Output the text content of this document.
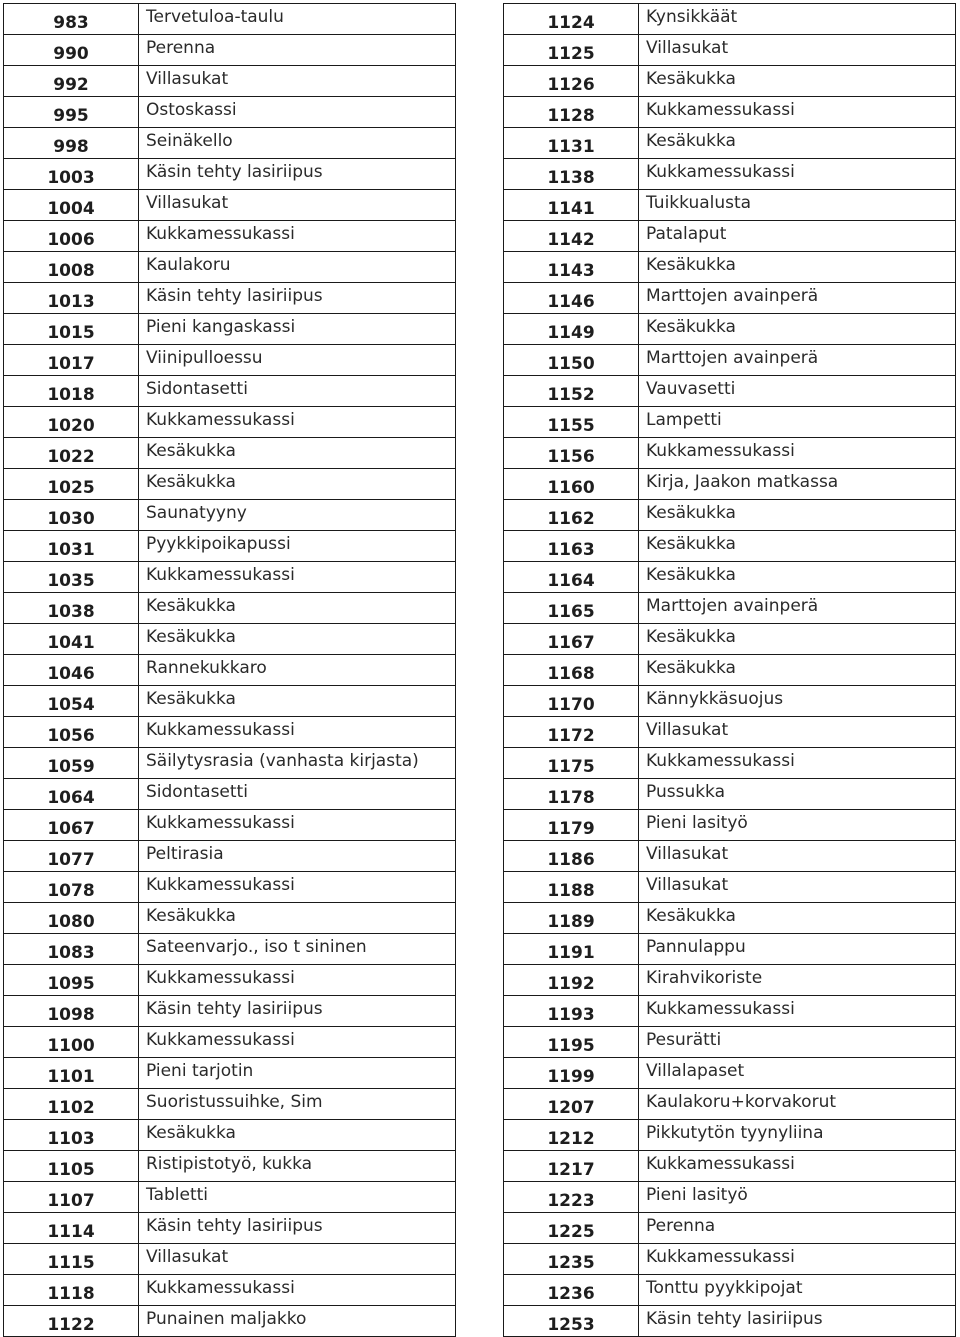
983	Tervetuloa-taulu
990	Perenna
992	Villasukat
995	Ostoskassi
998	Seinäkello
1003	Käsin tehty lasiriipus
1004	Villasukat
1006	Kukkamessukassi
1008	Kaulakoru
1013	Käsin tehty lasiriipus
1015	Pieni kangaskassi
1017	Viinipulloessu
1018	Sidontasetti
1020	Kukkamessukassi
1022	Kesäkukka
1025	Kesäkukka
1030	Saunatyyny
1031	Pyykkipoikapussi
1035	Kukkamessukassi
1038	Kesäkukka
1041	Kesäkukka
1046	Rannekukkaro
1054	Kesäkukka
1056	Kukkamessukassi
1059	Säilytysrasia (vanhasta kirjasta)
1064	Sidontasetti
1067	Kukkamessukassi
1077	Peltirasia
1078	Kukkamessukassi
1080	Kesäkukka
1083	Sateenvarjo., iso t sininen
1095	Kukkamessukassi
1098	Käsin tehty lasiriipus
1100	Kukkamessukassi
1101	Pieni tarjotin
1102	Suoristussuihke, Sim
1103	Kesäkukka
1105	Ristipistotyö, kukka
1107	Tabletti
1114	Käsin tehty lasiriipus
1115	Villasukat
1118	Kukkamessukassi
1122	Punainen maljakko
1124	Kynsikkäät
1125	Villasukat
1126	Kesäkukka
1128	Kukkamessukassi
1131	Kesäkukka
1138	Kukkamessukassi
1141	Tuikkualusta
1142	Patalaput
1143	Kesäkukka
1146	Marttojen avainperä
1149	Kesäkukka
1150	Marttojen avainperä
1152	Vauvasetti
1155	Lampetti
1156	Kukkamessukassi
1160	Kirja, Jaakon matkassa
1162	Kesäkukka
1163	Kesäkukka
1164	Kesäkukka
1165	Marttojen avainperä
1167	Kesäkukka
1168	Kesäkukka
1170	Kännykkäsuojus
1172	Villasukat
1175	Kukkamessukassi
1178	Pussukka
1179	Pieni lasityö
1186	Villasukat
1188	Villasukat
1189	Kesäkukka
1191	Pannulappu
1192	Kirahvikoriste
1193	Kukkamessukassi
1195	Pesurätti
1199	Villalapaset
1207	Kaulakoru+korvakorut
1212	Pikkutytön tyynyliina
1217	Kukkamessukassi
1223	Pieni lasityö
1225	Perenna
1235	Kukkamessukassi
1236	Tonttu pyykkipojat
1253	Käsin tehty lasiriipus
